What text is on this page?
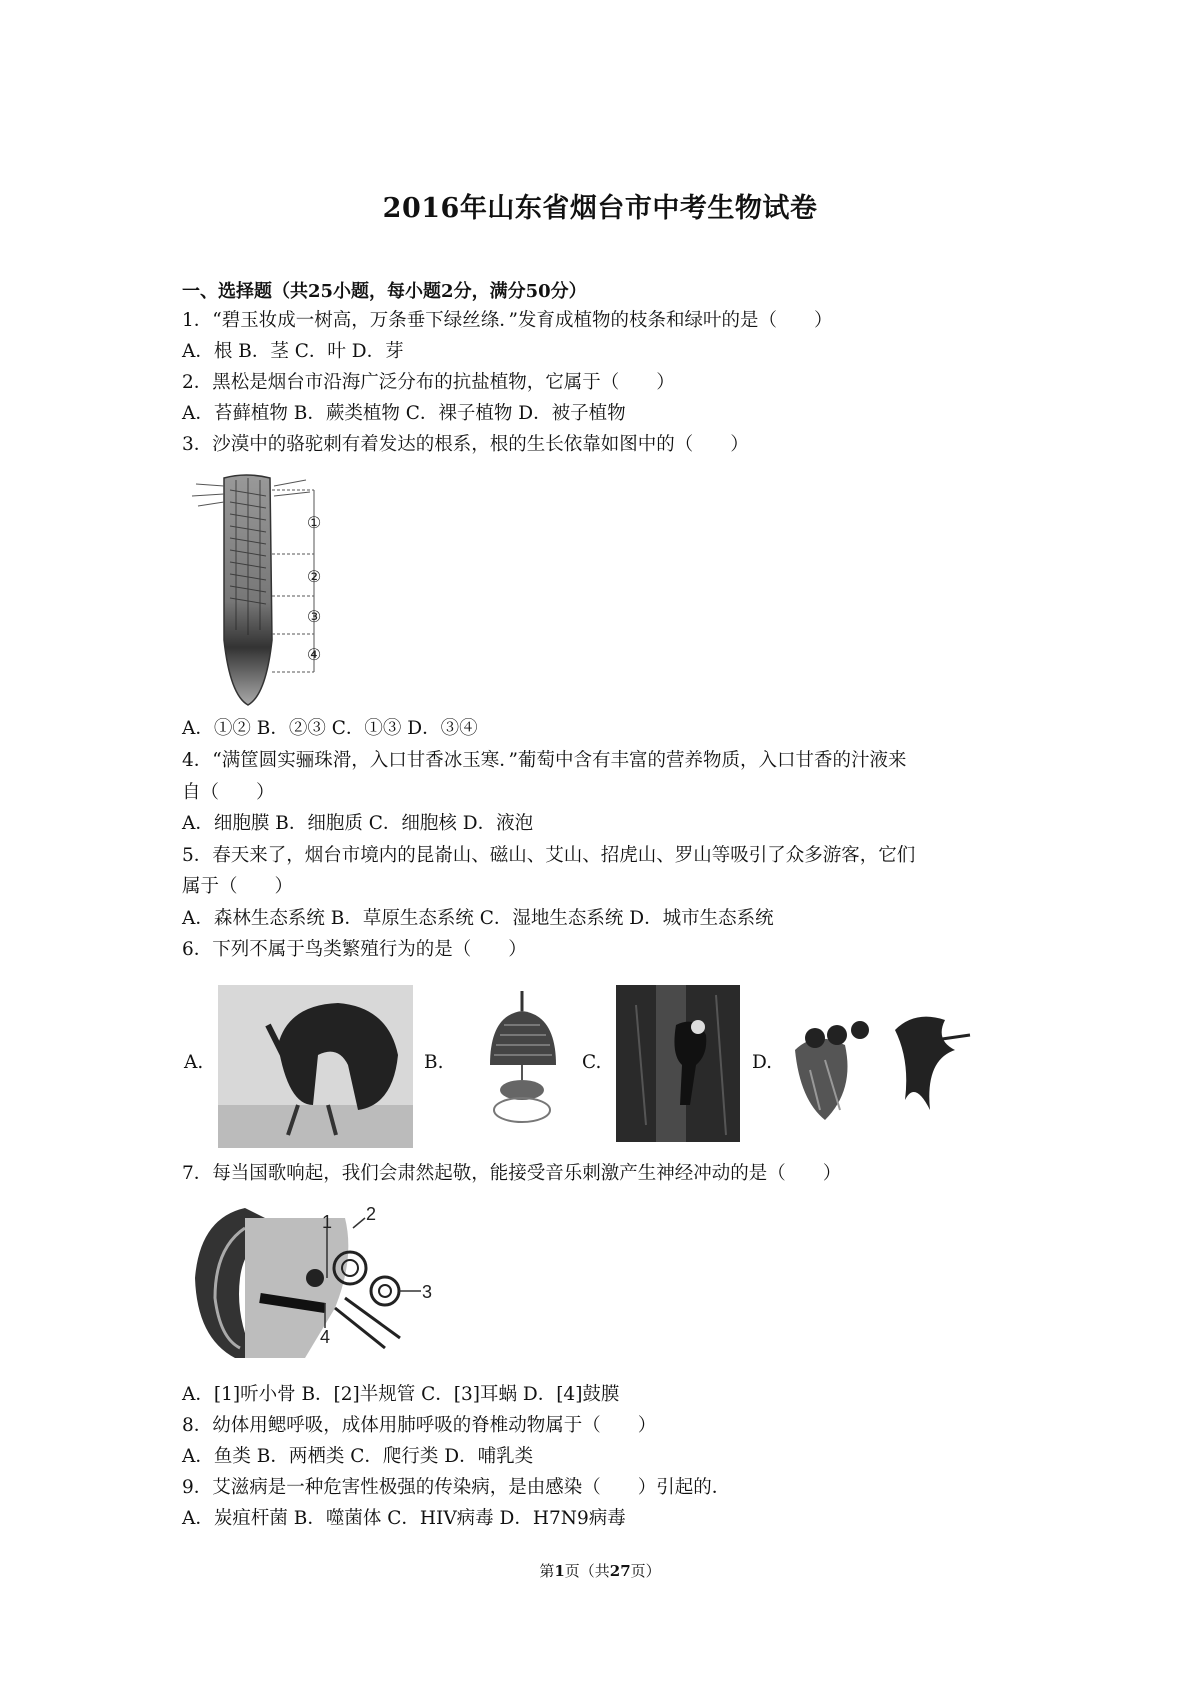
2016年山东省烟台市中考生物试卷
一、选择题（共25小题，每小题2分，满分50分）
1．“碧玉妆成一树高，万条垂下绿丝绦．”发育成植物的枝条和绿叶的是（　　）
A．根 B．茎 C．叶 D．芽
2．黑松是烟台市沿海广泛分布的抗盐植物，它属于（　　）
A．苔藓植物 B．蕨类植物 C．裸子植物 D．被子植物
3．沙漠中的骆驼刺有着发达的根系，根的生长依靠如图中的（　　）
①
②
③
④
A．①② B．②③ C．①③ D．③④
4．“满筐圆实骊珠滑，入口甘香冰玉寒．”葡萄中含有丰富的营养物质，入口甘香的汁液来
自（　　）
A．细胞膜 B．细胞质 C．细胞核 D．液泡
5．春天来了，烟台市境内的昆嵛山、磁山、艾山、招虎山、罗山等吸引了众多游客，它们
属于（　　）
A．森林生态系统 B．草原生态系统 C．湿地生态系统 D．城市生态系统
6．下列不属于鸟类繁殖行为的是（　　）
A.	B.	C.	D.
7．每当国歌响起，我们会肃然起敬，能接受音乐刺激产生神经冲动的是（　　）
1 2
3
4
A．[1]听小骨 B．[2]半规管 C．[3]耳蜗 D．[4]鼓膜
8．幼体用鳃呼吸，成体用肺呼吸的脊椎动物属于（　　）
A．鱼类 B．两栖类 C．爬行类 D．哺乳类
9．艾滋病是一种危害性极强的传染病，是由感染（　　）引起的．
A．炭疽杆菌 B．噬菌体 C．HIV病毒 D．H7N9病毒
第1页（共27页）
